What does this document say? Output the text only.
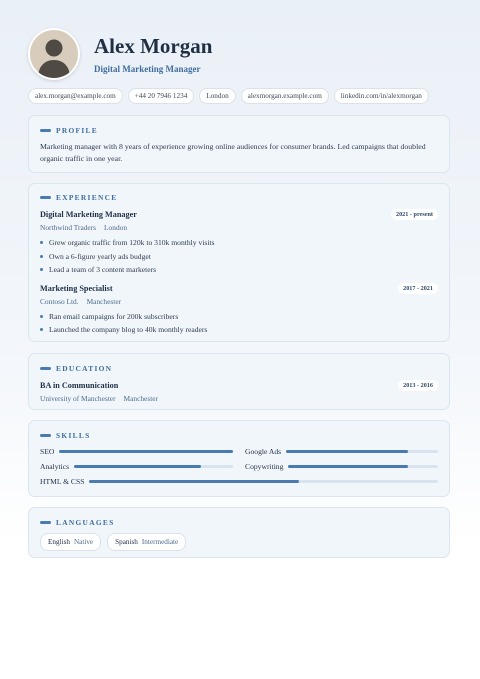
Alex Morgan
Digital Marketing Manager
alex.morgan@example.com	+44 20 7946 1234	London	alexmorgan.example.com	linkedin.com/in/alexmorgan
PROFILE
Marketing manager with 8 years of experience growing online audiences for consumer brands. Led campaigns that doubled organic traffic in one year.
EXPERIENCE
Digital Marketing Manager	2021 - present
Northwind Traders London
Grew organic traffic from 120k to 310k monthly visits
Own a 6-figure yearly ads budget
Lead a team of 3 content marketers
Marketing Specialist	2017 - 2021
Contoso Ltd. Manchester
Ran email campaigns for 200k subscribers
Launched the company blog to 40k monthly readers
EDUCATION
BA in Communication	2013 - 2016
University of Manchester Manchester
SKILLS
SEO	Google Ads
Analytics	Copywriting
HTML & CSS
LANGUAGES
English Native	Spanish Intermediate
